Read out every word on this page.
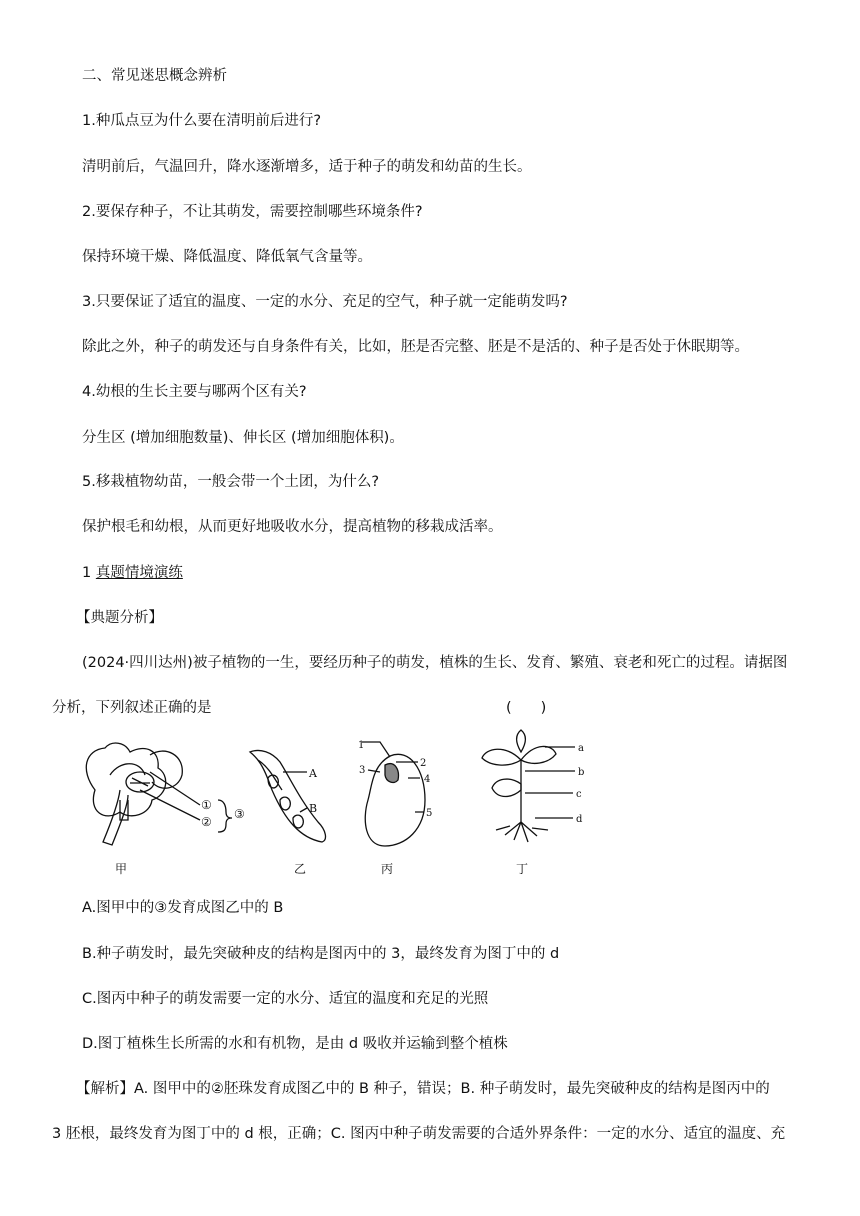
二、常见迷思概念辨析
1.种瓜点豆为什么要在清明前后进行?
清明前后，气温回升，降水逐渐增多，适于种子的萌发和幼苗的生长。
2.要保存种子，不让其萌发，需要控制哪些环境条件?
保持环境干燥、降低温度、降低氧气含量等。
3.只要保证了适宜的温度、一定的水分、充足的空气，种子就一定能萌发吗?
除此之外，种子的萌发还与自身条件有关，比如，胚是否完整、胚是不是活的、种子是否处于休眠期等。
4.幼根的生长主要与哪两个区有关?
分生区 (增加细胞数量)、伸长区 (增加细胞体积)。
5.移栽植物幼苗，一般会带一个土团，为什么?
保护根毛和幼根，从而更好地吸收水分，提高植物的移栽成活率。
1 真题情境演练
【典题分析】
(2024·四川达州)被子植物的一生，要经历种子的萌发，植株的生长、发育、繁殖、衰老和死亡的过程。请据图
分析，下列叙述正确的是	(　　)
①
②
③
甲
A
B
乙
1
2
3
4
5
丙
a
b
c
d
丁
A.图甲中的③发育成图乙中的 B
B.种子萌发时，最先突破种皮的结构是图丙中的 3，最终发育为图丁中的 d
C.图丙中种子的萌发需要一定的水分、适宜的温度和充足的光照
D.图丁植株生长所需的水和有机物，是由 d 吸收并运输到整个植株
【解析】A. 图甲中的②胚珠发育成图乙中的 B 种子，错误；B. 种子萌发时，最先突破种皮的结构是图丙中的
3 胚根，最终发育为图丁中的 d 根，正确；C. 图丙中种子萌发需要的合适外界条件：一定的水分、适宜的温度、充
